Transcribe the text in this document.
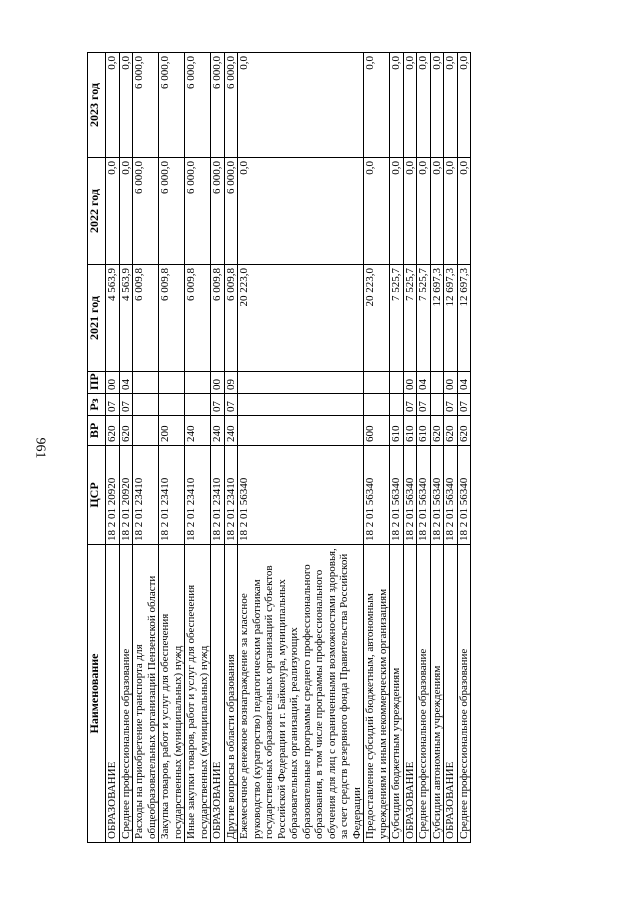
961
Наименование	ЦСР	ВР	Рз	ПР	2021 год	2022 год	2023 год
ОБРАЗОВАНИЕ	18 2 01 20920	620	07	00	4 563,9	0,0	0,0
Среднее профессиональное образование	18 2 01 20920	620	07	04	4 563,9	0,0	0,0
Расходы на приобретение транспорта для общеобразовательных организаций Пензенской области	18 2 01 23410				6 009,8	6 000,0	6 000,0
Закупка товаров, работ и услуг для обеспечения государственных (муниципальных) нужд	18 2 01 23410	200			6 009,8	6 000,0	6 000,0
Иные закупки товаров, работ и услуг для обеспечения государственных (муниципальных) нужд	18 2 01 23410	240			6 009,8	6 000,0	6 000,0
ОБРАЗОВАНИЕ	18 2 01 23410	240	07	00	6 009,8	6 000,0	6 000,0
Другие вопросы в области образования	18 2 01 23410	240	07	09	6 009,8	6 000,0	6 000,0
Ежемесячное денежное вознаграждение за классное руководство (кураторство) педагогическим работникам государственных образовательных организаций субъектов Российской Федерации и г. Байконура, муниципальных образовательных организаций, реализующих образовательные программы среднего профессионального образования, в том числе программы профессионального обучения для лиц с ограниченными возможностями здоровья, за счет средств резервного фонда Правительства Российской Федерации	18 2 01 56340				20 223,0	0,0	0,0
Предоставление субсидий бюджетным, автономным учреждениям и иным некоммерческим организациям	18 2 01 56340	600			20 223,0	0,0	0,0
Субсидии бюджетным учреждениям	18 2 01 56340	610			7 525,7	0,0	0,0
ОБРАЗОВАНИЕ	18 2 01 56340	610	07	00	7 525,7	0,0	0,0
Среднее профессиональное образование	18 2 01 56340	610	07	04	7 525,7	0,0	0,0
Субсидии автономным учреждениям	18 2 01 56340	620			12 697,3	0,0	0,0
ОБРАЗОВАНИЕ	18 2 01 56340	620	07	00	12 697,3	0,0	0,0
Среднее профессиональное образование	18 2 01 56340	620	07	04	12 697,3	0,0	0,0
